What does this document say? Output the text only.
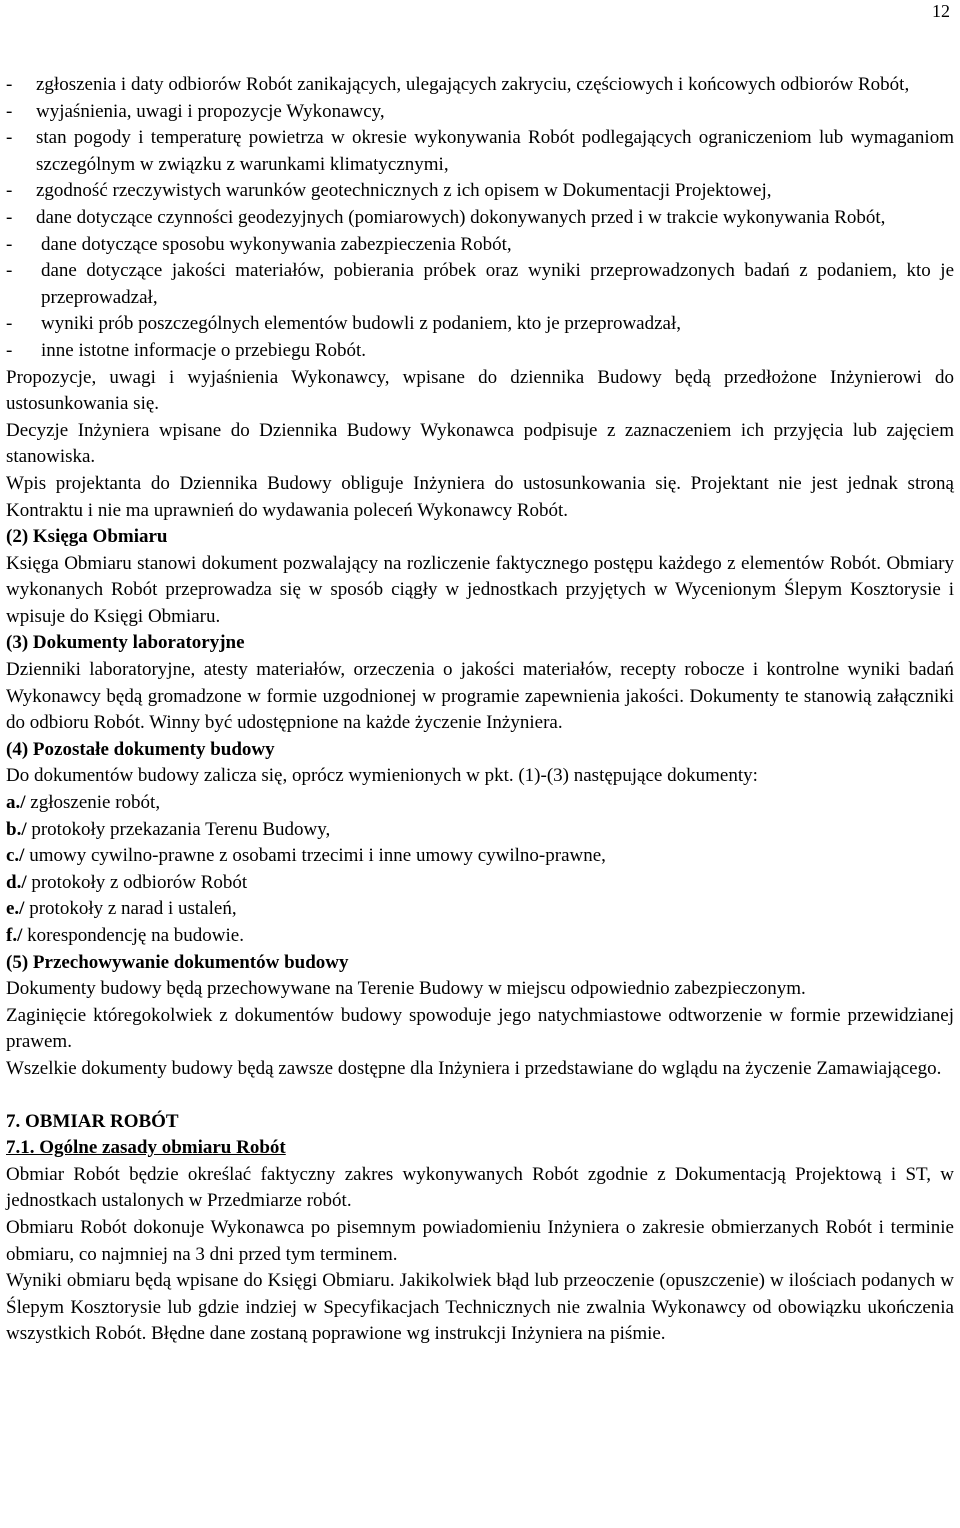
12
-	zgłoszenia i daty odbiorów Robót zanikających, ulegających zakryciu, częściowych i końcowych odbiorów Robót,
-	wyjaśnienia, uwagi i propozycje Wykonawcy,
-	stan pogody i temperaturę powietrza w okresie wykonywania Robót podlegających ograniczeniom lub wymaganiom szczególnym w związku z warunkami klimatycznymi,
-	zgodność rzeczywistych warunków geotechnicznych z ich opisem w Dokumentacji Projektowej,
-	dane dotyczące czynności geodezyjnych (pomiarowych) dokonywanych przed i w trakcie wykonywania Robót,
-	dane dotyczące sposobu wykonywania zabezpieczenia Robót,
-	dane dotyczące jakości materiałów, pobierania próbek oraz wyniki przeprowadzonych badań z podaniem, kto je przeprowadzał,
-	wyniki prób poszczególnych elementów budowli z podaniem, kto je przeprowadzał,
-	inne istotne informacje o przebiegu Robót.

Propozycje, uwagi i wyjaśnienia Wykonawcy, wpisane do dziennika Budowy będą przedłożone Inżynierowi do ustosunkowania się.

Decyzje Inżyniera wpisane do Dziennika Budowy Wykonawca podpisuje z zaznaczeniem ich przyjęcia lub zajęciem stanowiska.

Wpis projektanta do Dziennika Budowy obliguje Inżyniera do ustosunkowania się. Projektant nie jest jednak stroną Kontraktu i nie ma uprawnień do wydawania poleceń Wykonawcy Robót.

(2) Księga Obmiaru

Księga Obmiaru stanowi dokument pozwalający na rozliczenie faktycznego postępu każdego z elementów Robót. Obmiary wykonanych Robót przeprowadza się w sposób ciągły w jednostkach przyjętych w Wycenionym Ślepym Kosztorysie i wpisuje do Księgi Obmiaru.

(3) Dokumenty laboratoryjne

Dzienniki laboratoryjne, atesty materiałów, orzeczenia o jakości materiałów, recepty robocze i kontrolne wyniki badań Wykonawcy będą gromadzone w formie uzgodnionej w programie zapewnienia jakości. Dokumenty te stanowią załączniki do odbioru Robót. Winny być udostępnione na każde życzenie Inżyniera.

(4) Pozostałe dokumenty budowy

Do dokumentów budowy zalicza się, oprócz wymienionych w pkt. (1)-(3) następujące dokumenty:

a./ zgłoszenie robót,

b./ protokoły przekazania Terenu Budowy,

c./ umowy cywilno-prawne z osobami trzecimi i inne umowy cywilno-prawne,

d./ protokoły z odbiorów Robót

e./ protokoły z narad i ustaleń,

f./ korespondencję na budowie.

(5) Przechowywanie dokumentów budowy

Dokumenty budowy będą przechowywane na Terenie Budowy w miejscu odpowiednio zabezpieczonym.

Zaginięcie któregokolwiek z dokumentów budowy spowoduje jego natychmiastowe odtworzenie w formie przewidzianej prawem.

Wszelkie dokumenty budowy będą zawsze dostępne dla Inżyniera i przedstawiane do wglądu na życzenie Zamawiającego.

7. OBMIAR ROBÓT

7.1. Ogólne zasady obmiaru Robót

Obmiar Robót będzie określać faktyczny zakres wykonywanych Robót zgodnie z Dokumentacją Projektową i ST, w jednostkach ustalonych w Przedmiarze robót.

Obmiaru Robót dokonuje Wykonawca po pisemnym powiadomieniu Inżyniera o zakresie obmierzanych Robót i terminie obmiaru, co najmniej na 3 dni przed tym terminem.

Wyniki obmiaru będą wpisane do Księgi Obmiaru. Jakikolwiek błąd lub przeoczenie (opuszczenie) w ilościach podanych w Ślepym Kosztorysie lub gdzie indziej w Specyfikacjach Technicznych nie zwalnia Wykonawcy od obowiązku ukończenia wszystkich Robót. Błędne dane zostaną poprawione wg instrukcji Inżyniera na piśmie.
